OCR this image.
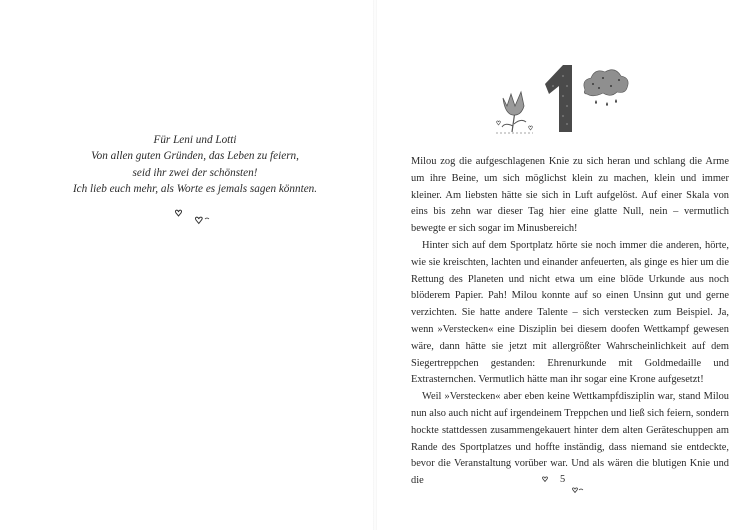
Für Leni und Lotti
Von allen guten Gründen, das Leben zu feiern,
seid ihr zwei der schönsten!
Ich lieb euch mehr, als Worte es jemals sagen könnten.

Milou zog die aufgeschlagenen Knie zu sich heran und schlang die Arme um ihre Beine, um sich möglichst klein zu machen, klein und immer kleiner. Am liebsten hätte sie sich in Luft aufgelöst. Auf einer Skala von eins bis zehn war dieser Tag hier eine glatte Null, nein – vermutlich bewegte er sich sogar im Minusbereich!

Hinter sich auf dem Sportplatz hörte sie noch immer die anderen, hörte, wie sie kreischten, lachten und einander anfeuerten, als ginge es hier um die Rettung des Planeten und nicht etwa um eine blöde Urkunde aus noch blöderem Papier. Pah! Milou konnte auf so einen Unsinn gut und gerne verzichten. Sie hatte andere Talente – sich verstecken zum Beispiel. Ja, wenn »Verstecken« eine Disziplin bei diesem doofen Wettkampf gewesen wäre, dann hätte sie jetzt mit allergrößter Wahrscheinlichkeit auf dem Siegertreppchen gestanden: Ehrenurkunde mit Goldmedaille und Extrasternchen. Vermutlich hätte man ihr sogar eine Krone aufgesetzt!

Weil »Verstecken« aber eben keine Wettkampfdisziplin war, stand Milou nun also auch nicht auf irgendeinem Treppchen und ließ sich feiern, sondern hockte stattdessen zusammengekauert hinter dem alten Geräteschuppen am Rande des Sportplatzes und hoffte inständig, dass niemand sie entdeckte, bevor die Veranstaltung vorüber war. Und als wären die blutigen Knie und die	5
